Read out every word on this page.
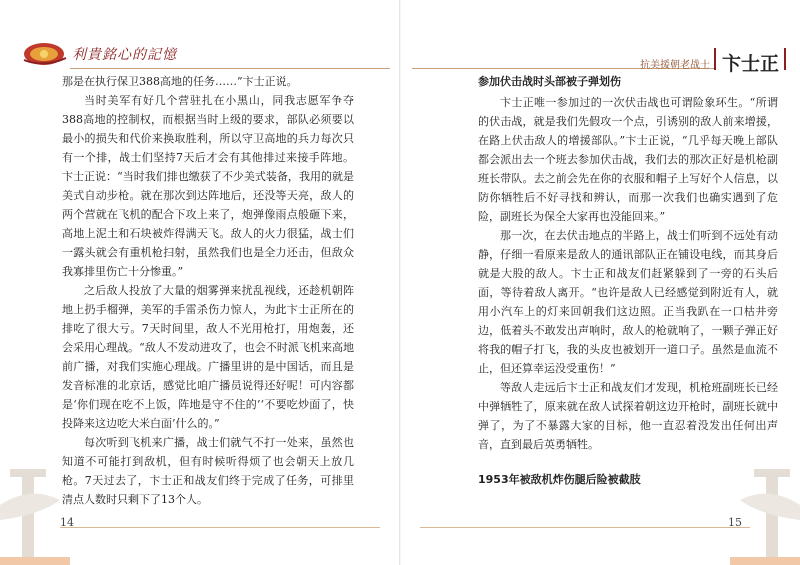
利貴銘心的記憶

那是在执行保卫388高地的任务……”卞士正说。

当时美军有好几个营驻扎在小黑山，同我志愿军争夺388高地的控制权，而根据当时上级的要求，部队必须要以最小的损失和代价来换取胜利，所以守卫高地的兵力每次只有一个排，战士们坚持7天后才会有其他排过来接手阵地。卞士正说：“当时我们排也缴获了不少美式装备，我用的就是美式自动步枪。就在那次到达阵地后，还没等天亮，敌人的两个营就在飞机的配合下攻上来了，炮弹像雨点般砸下来，高地上泥土和石块被炸得满天飞。敌人的火力很猛，战士们一露头就会有重机枪扫射，虽然我们也是全力还击，但敌众我寡排里伤亡十分惨重。”

之后敌人投放了大量的烟雾弹来扰乱视线，还趁机朝阵地上扔手榴弹，美军的手雷杀伤力惊人，为此卞士正所在的排吃了很大亏。7天时间里，敌人不光用枪打，用炮轰，还会采用心理战。“敌人不发动进攻了，也会不时派飞机来高地前广播，对我们实施心理战。广播里讲的是中国话，而且是发音标准的北京话，感觉比咱广播员说得还好呢！可内容都是‘你们现在吃不上饭，阵地是守不住的’‘不要吃炒面了，快投降来这边吃大米白面’什么的。”

每次听到飞机来广播，战士们就气不打一处来，虽然也知道不可能打到敌机，但有时候听得烦了也会朝天上放几枪。7天过去了，卞士正和战友们终于完成了任务，可排里清点人数时只剩下了13个人。

14
抗美援朝老战士 卞士正
参加伏击战时头部被子弹划伤

卞士正唯一参加过的一次伏击战也可谓险象环生。“所谓的伏击战，就是我们先假攻一个点，引诱别的敌人前来增援，在路上伏击敌人的增援部队。”卞士正说，“几乎每天晚上部队都会派出去一个班去参加伏击战，我们去的那次正好是机枪副班长带队。去之前会先在你的衣服和帽子上写好个人信息，以防你牺牲后不好寻找和辨认，而那一次我们也确实遇到了危险，副班长为保全大家再也没能回来。”

那一次，在去伏击地点的半路上，战士们听到不远处有动静，仔细一看原来是敌人的通讯部队正在铺设电线，而其身后就是大股的敌人。卞士正和战友们赶紧躲到了一旁的石头后面，等待着敌人离开。“也许是敌人已经感觉到附近有人，就用小汽车上的灯来回朝我们这边照。正当我趴在一口枯井旁边，低着头不敢发出声响时，敌人的枪就响了，一颗子弹正好将我的帽子打飞，我的头皮也被划开一道口子。虽然是血流不止，但还算幸运没受重伤！”

等敌人走远后卞士正和战友们才发现，机枪班副班长已经中弹牺牲了，原来就在敌人试探着朝这边开枪时，副班长就中弹了，为了不暴露大家的目标，他一直忍着没发出任何出声音，直到最后英勇牺牲。

1953年被敌机炸伤腿后险被截肢
15
